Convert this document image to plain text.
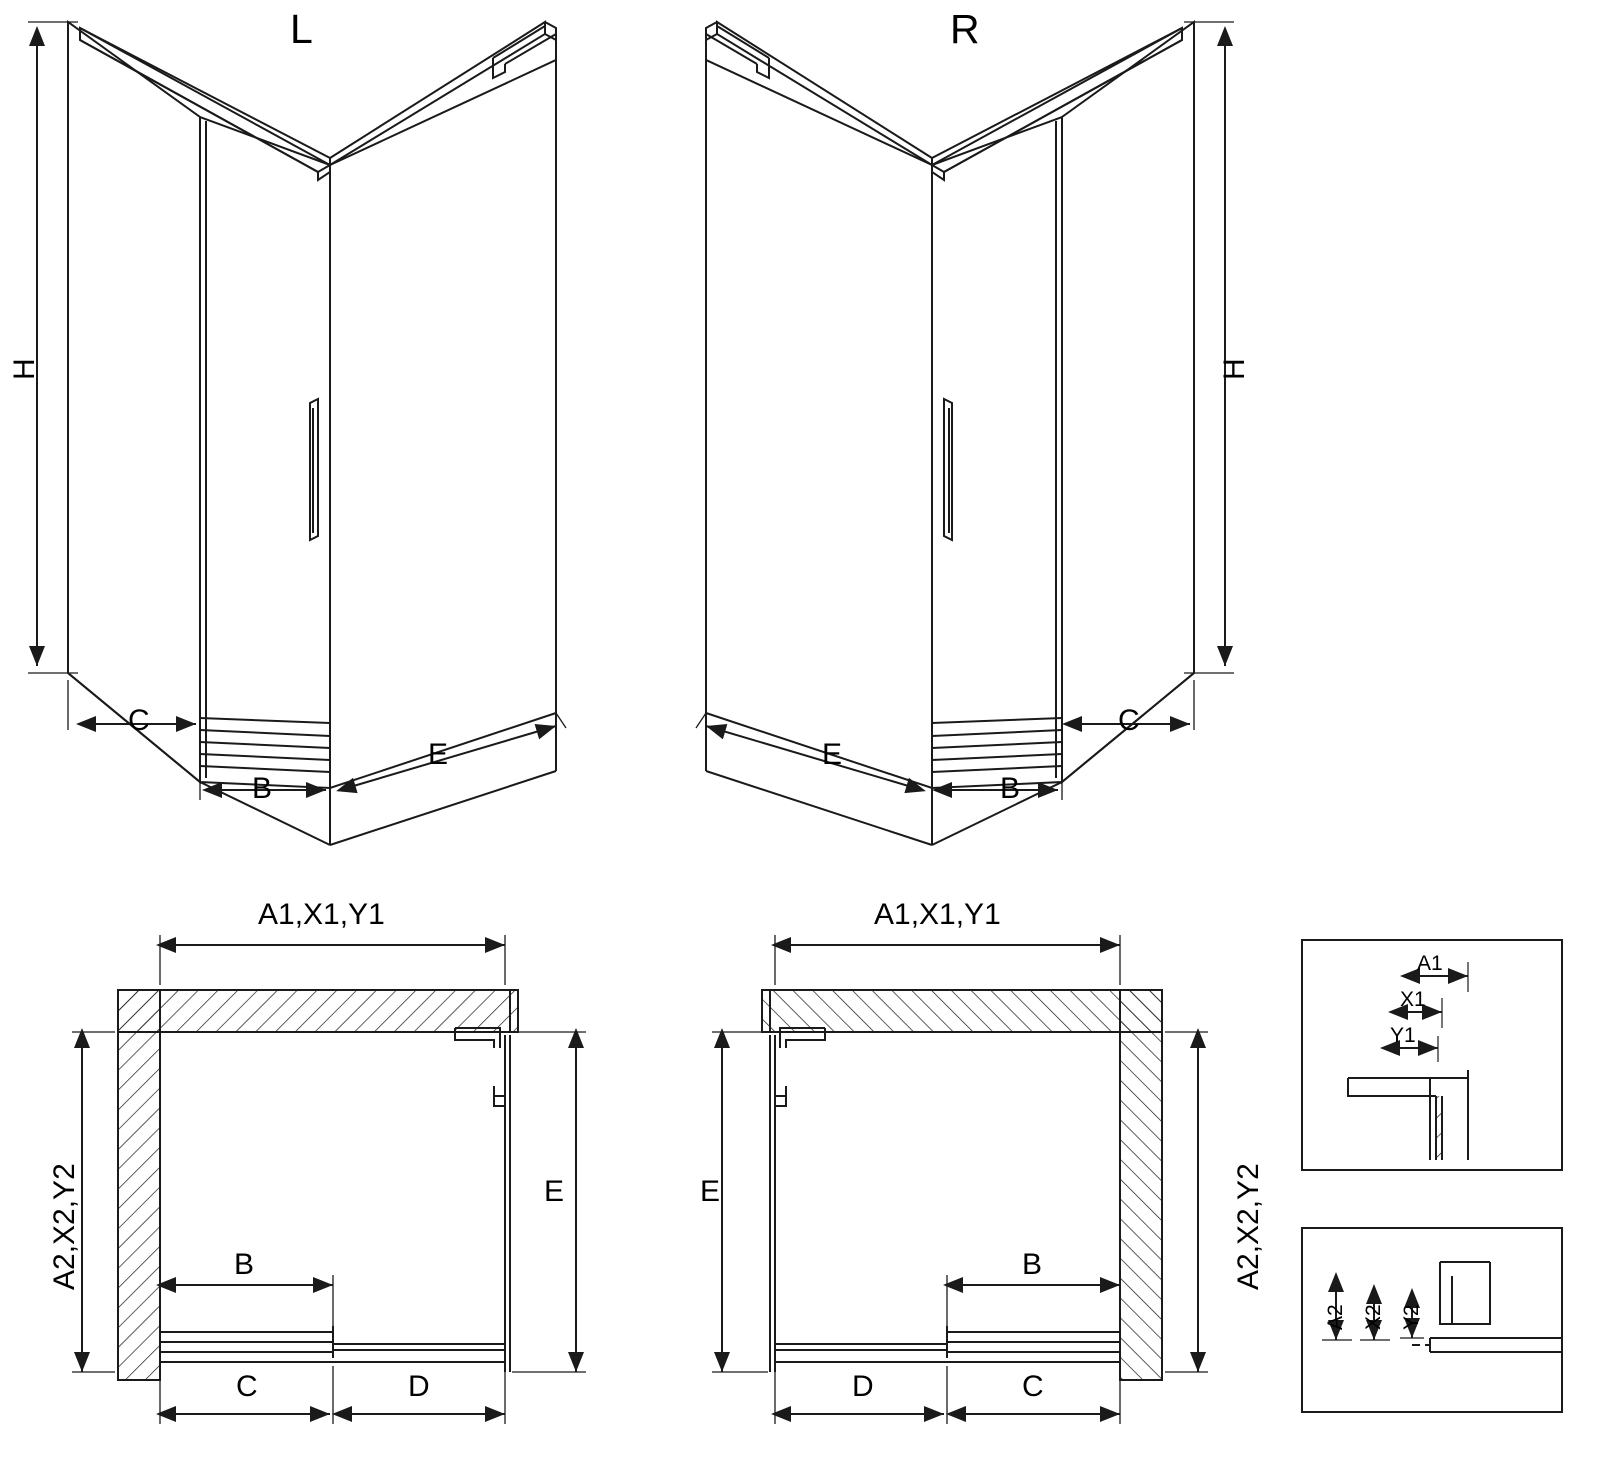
L	R
H
C
B
E
H
C
B
E
A1,X1,Y1
A2,X2,Y2	E
B
C	D
A1,X1,Y1
A2,X2,Y2
E
B
C
D
A1
X1
Y1
A2 X2 Y2
